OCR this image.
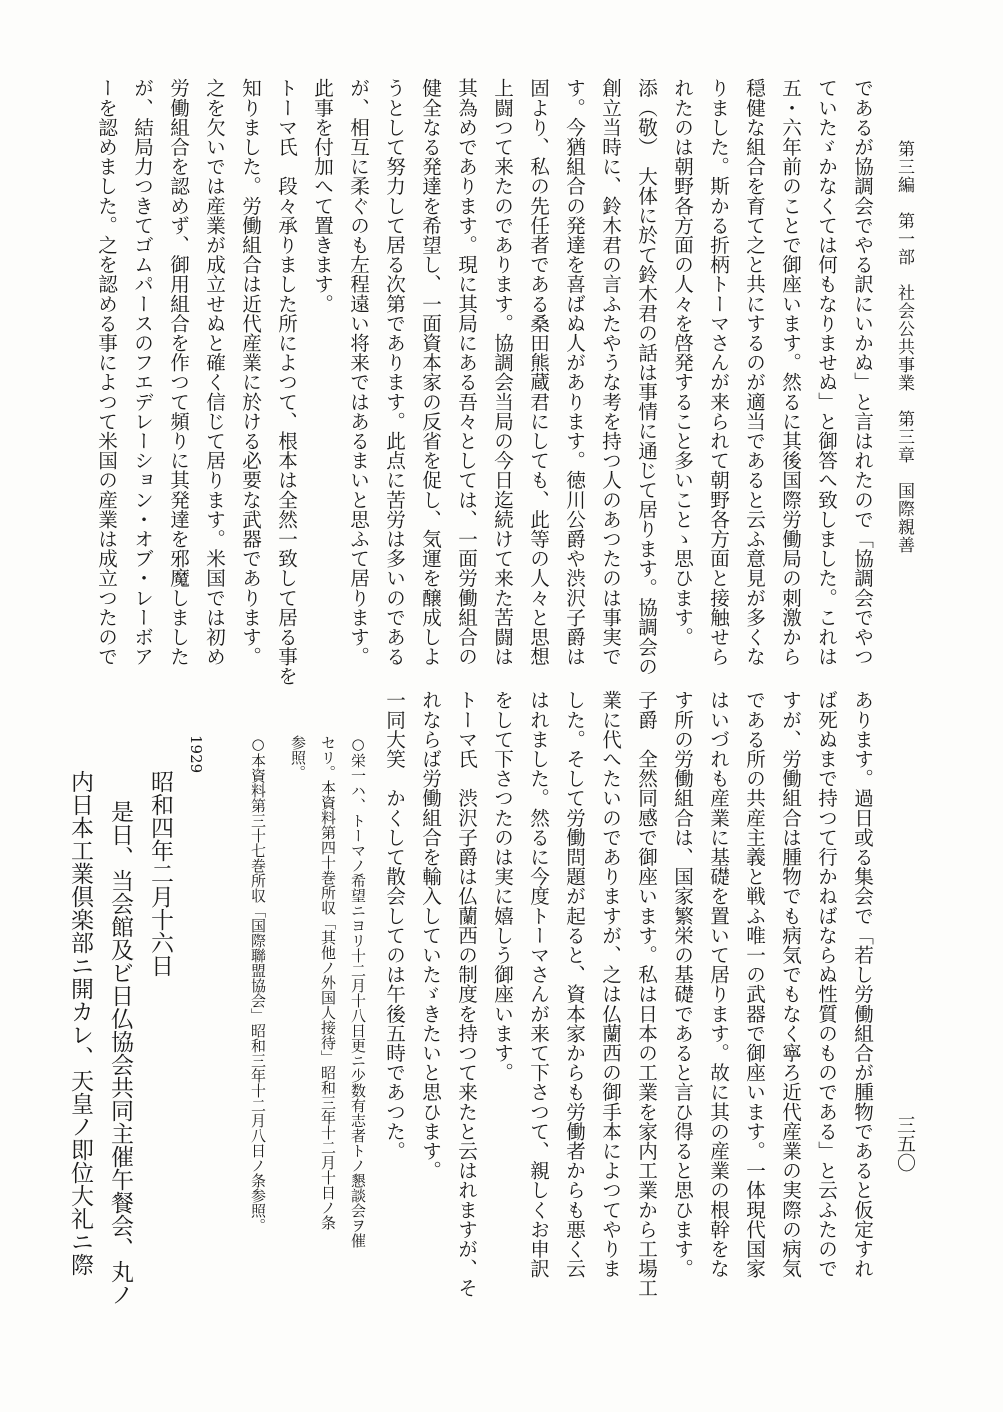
第三編　第一部　社会公共事業　第三章　国際親善
三五〇
であるが協調会でやる訳にいかぬ」と言はれたので「協調会でやつ
ていたゞかなくては何もなりませぬ」と御答へ致しました。これは
五・六年前のことで御座います。然るに其後国際労働局の刺激から
穏健な組合を育て之と共にするのが適当であると云ふ意見が多くな
りました。斯かる折柄トーマさんが来られて朝野各方面と接触せら
れたのは朝野各方面の人々を啓発すること多いことゝ思ひます。
添（敬）　大体に於て鈴木君の話は事情に通じて居ります。協調会の
創立当時に、鈴木君の言ふたやうな考を持つ人のあつたのは事実で
す。今猶組合の発達を喜ばぬ人があります。徳川公爵や渋沢子爵は
固より、私の先任者である桑田熊蔵君にしても、此等の人々と思想
上闘つて来たのであります。協調会当局の今日迄続けて来た苦闘は
其為めであります。現に其局にある吾々としては、一面労働組合の
健全なる発達を希望し、一面資本家の反省を促し、気運を醸成しよ
うとして努力して居る次第であります。此点に苦労は多いのである
が、相互に柔ぐのも左程遠い将来ではあるまいと思ふて居ります。
此事を付加へて置きます。
トーマ氏　段々承りました所によつて、根本は全然一致して居る事を
知りました。労働組合は近代産業に於ける必要な武器であります。
之を欠いでは産業が成立せぬと確く信じて居ります。米国では初め
労働組合を認めず、御用組合を作つて頻りに其発達を邪魔しました
が、結局力つきてゴムパースのフエデレーション・オブ・レーボア
ーを認めました。之を認める事によつて米国の産業は成立つたので
あります。過日或る集会で「若し労働組合が腫物であると仮定すれ
ば死ぬまで持つて行かねばならぬ性質のものである」と云ふたので
すが、労働組合は腫物でも病気でもなく寧ろ近代産業の実際の病気
である所の共産主義と戦ふ唯一の武器で御座います。一体現代国家
はいづれも産業に基礎を置いて居ります。故に其の産業の根幹をな
す所の労働組合は、国家繁栄の基礎であると言ひ得ると思ひます。
子爵　全然同感で御座います。私は日本の工業を家内工業から工場工
業に代へたいのでありますが、之は仏蘭西の御手本によつてやりま
した。そして労働問題が起ると、資本家からも労働者からも悪く云
はれました。然るに今度トーマさんが来て下さつて、親しくお申訳
をして下さつたのは実に嬉しう御座います。
トーマ氏　渋沢子爵は仏蘭西の制度を持つて来たと云はれますが、そ
れならば労働組合を輸入していたゞきたいと思ひます。
一同大笑　かくして散会してのは午後五時であつた。
○栄一ハ、トーマノ希望ニヨリ十二月十八日更ニ少数有志者トノ懇談会ヲ催
セリ。本資料第四十巻所収「其他ノ外国人接待」昭和三年十二月十日ノ条
参照。
○本資料第三十七巻所収「国際聯盟協会」昭和三年十二月八日ノ条参照。
1929
昭和四年二月十六日
是日、当会館及ビ日仏協会共同主催午餐会、丸ノ
内日本工業倶楽部ニ開カレ、天皇ノ即位大礼ニ際
